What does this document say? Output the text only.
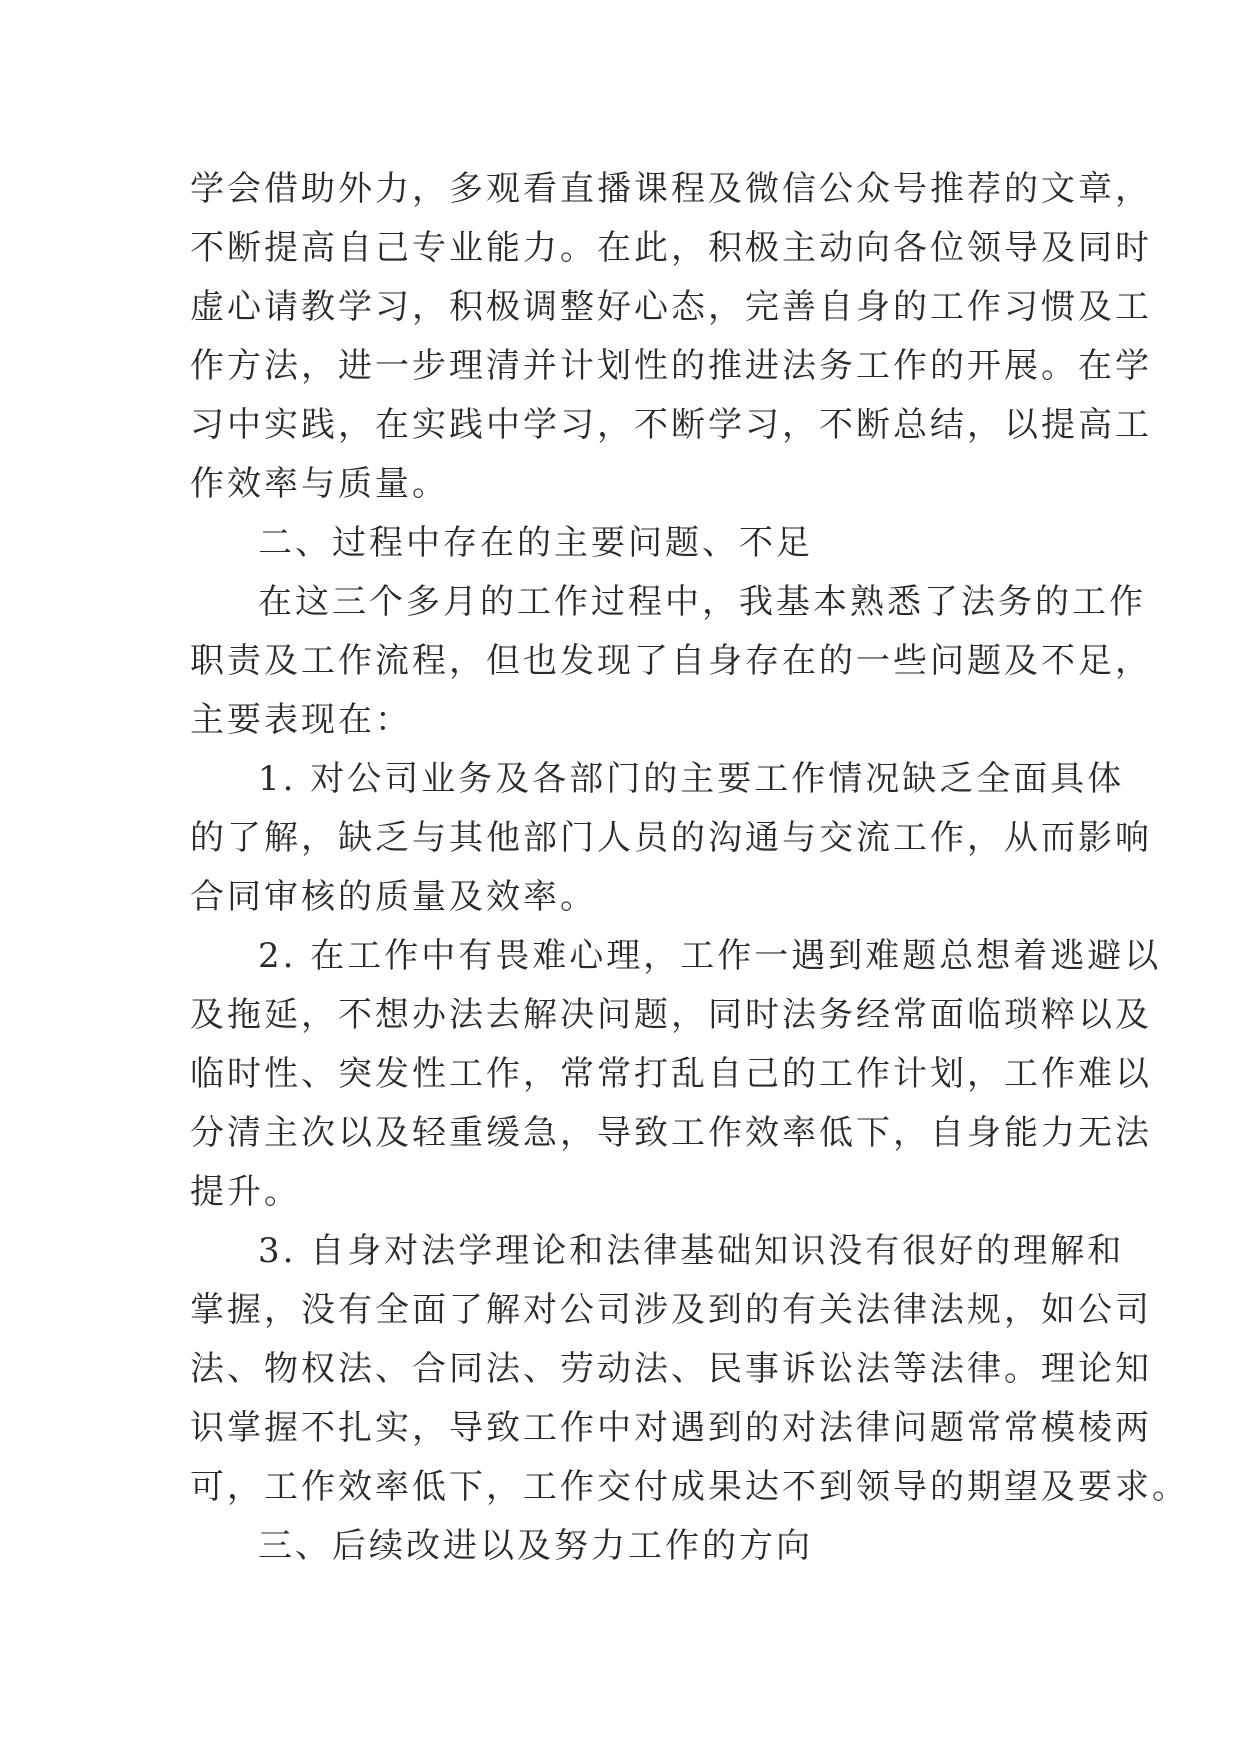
学会借助外力，多观看直播课程及微信公众号推荐的文章，
不断提高自己专业能力。在此，积极主动向各位领导及同时
虚心请教学习，积极调整好心态，完善自身的工作习惯及工
作方法，进一步理清并计划性的推进法务工作的开展。在学
习中实践，在实践中学习，不断学习，不断总结，以提高工
作效率与质量。
二、过程中存在的主要问题、不足
在这三个多月的工作过程中，我基本熟悉了法务的工作
职责及工作流程，但也发现了自身存在的一些问题及不足，
主要表现在：
1. 对公司业务及各部门的主要工作情况缺乏全面具体
的了解，缺乏与其他部门人员的沟通与交流工作，从而影响
合同审核的质量及效率。
2. 在工作中有畏难心理，工作一遇到难题总想着逃避以
及拖延，不想办法去解决问题，同时法务经常面临琐粹以及
临时性、突发性工作，常常打乱自己的工作计划，工作难以
分清主次以及轻重缓急，导致工作效率低下，自身能力无法
提升。
3. 自身对法学理论和法律基础知识没有很好的理解和
掌握，没有全面了解对公司涉及到的有关法律法规，如公司
法、物权法、合同法、劳动法、民事诉讼法等法律。理论知
识掌握不扎实，导致工作中对遇到的对法律问题常常模棱两
可，工作效率低下，工作交付成果达不到领导的期望及要求。
三、后续改进以及努力工作的方向
